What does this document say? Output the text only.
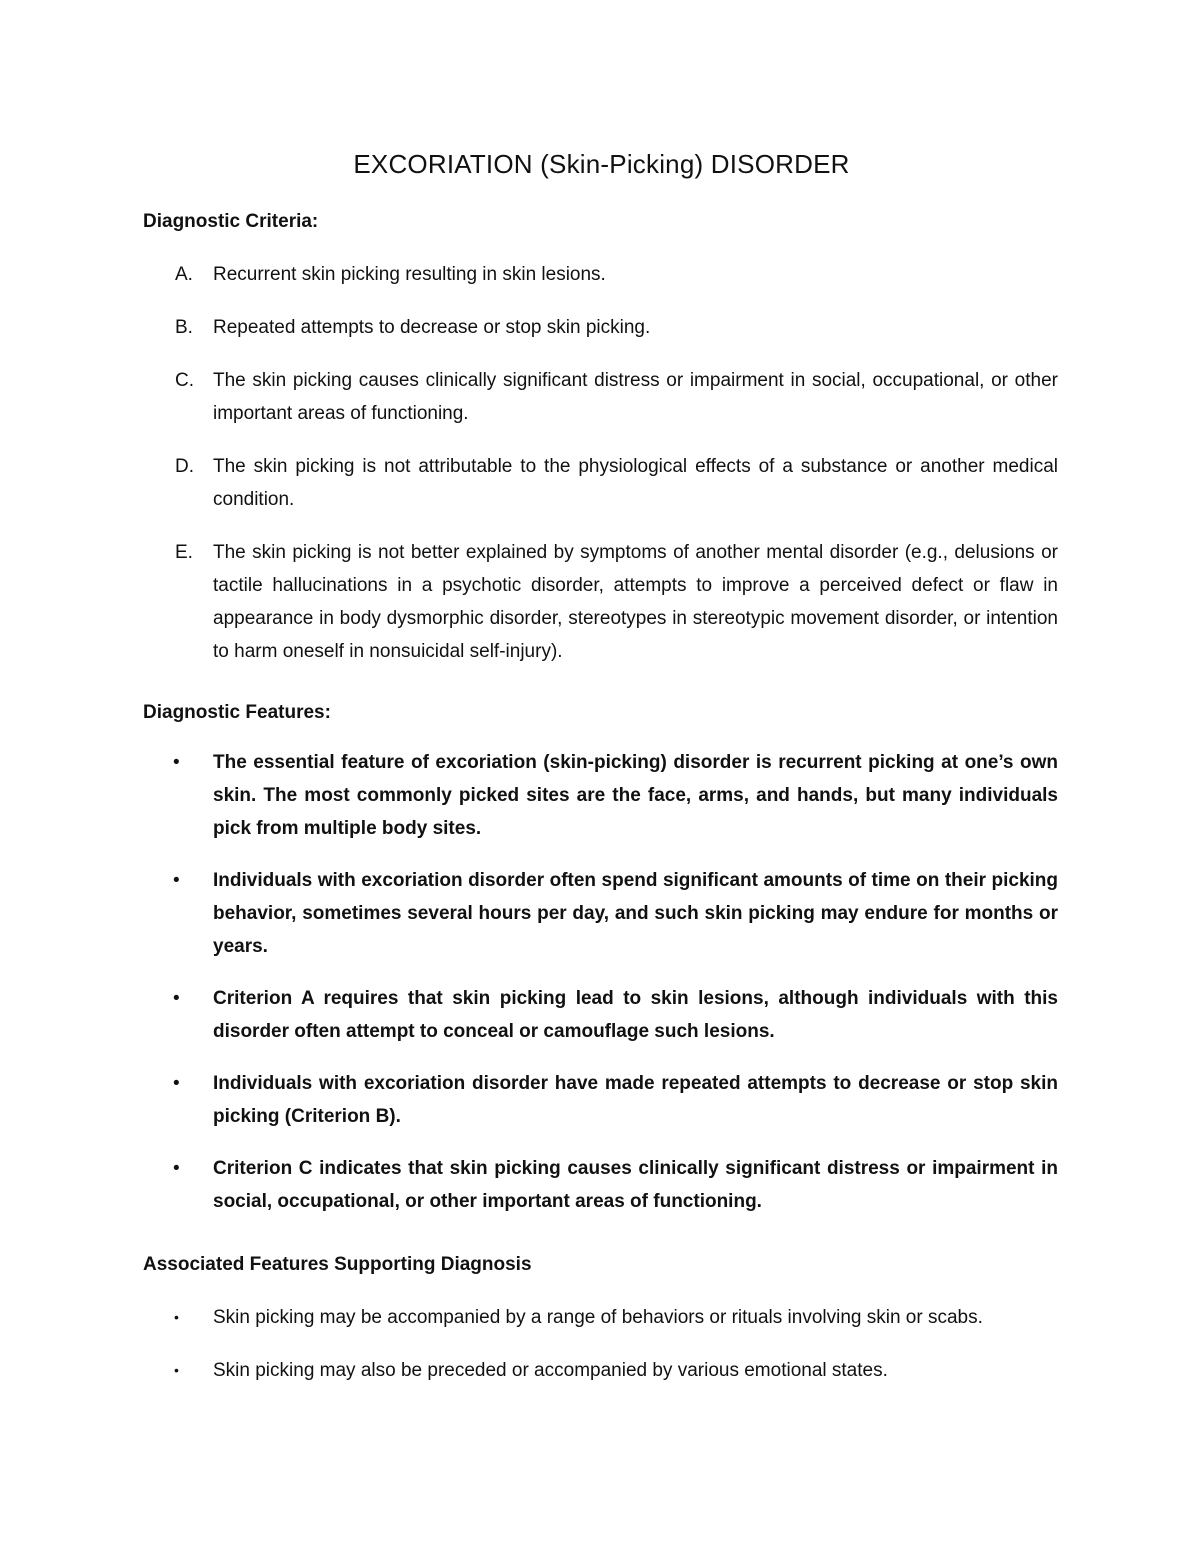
EXCORIATION (Skin-Picking) DISORDER
Diagnostic Criteria:
A. Recurrent skin picking resulting in skin lesions.
B. Repeated attempts to decrease or stop skin picking.
C. The skin picking causes clinically significant distress or impairment in social, occupational, or other important areas of functioning.
D. The skin picking is not attributable to the physiological effects of a substance or another medical condition.
E. The skin picking is not better explained by symptoms of another mental disorder (e.g., delusions or tactile hallucinations in a psychotic disorder, attempts to improve a perceived defect or flaw in appearance in body dysmorphic disorder, stereotypes in stereotypic movement disorder, or intention to harm oneself in nonsuicidal self-injury).
Diagnostic Features:
• The essential feature of excoriation (skin-picking) disorder is recurrent picking at one’s own skin. The most commonly picked sites are the face, arms, and hands, but many individuals pick from multiple body sites.
• Individuals with excoriation disorder often spend significant amounts of time on their picking behavior, sometimes several hours per day, and such skin picking may endure for months or years.
• Criterion A requires that skin picking lead to skin lesions, although individuals with this disorder often attempt to conceal or camouflage such lesions.
• Individuals with excoriation disorder have made repeated attempts to decrease or stop skin picking (Criterion B).
• Criterion C indicates that skin picking causes clinically significant distress or impairment in social, occupational, or other important areas of functioning.
Associated Features Supporting Diagnosis
• Skin picking may be accompanied by a range of behaviors or rituals involving skin or scabs.
• Skin picking may also be preceded or accompanied by various emotional states.
